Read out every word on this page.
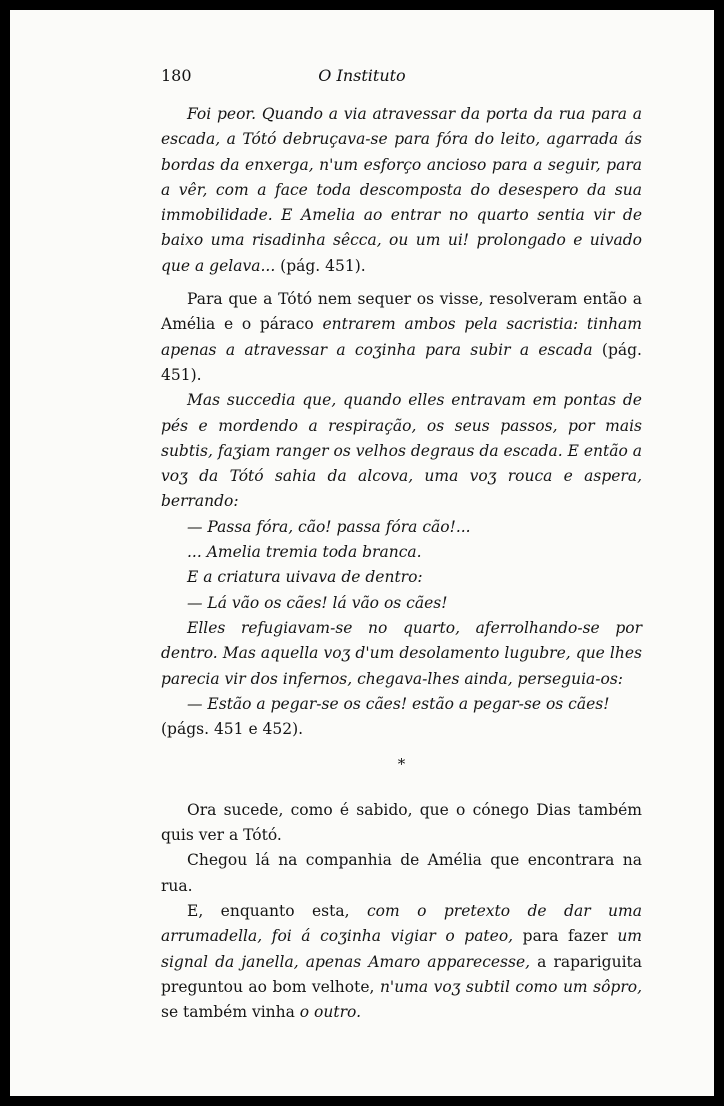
180	O Instituto

Foi peor. Quando a via atravessar da porta da rua para a escada, a Tótó debruçava-se para fóra do leito, agarrada ás bordas da enxerga, n'um esforço ancioso para a seguir, para a vêr, com a face toda descomposta do desespero da sua immobilidade. E Amelia ao entrar no quarto sentia vir de baixo uma risadinha sêcca, ou um ui! prolongado e uivado que a gelava... (pág. 451).

Para que a Tótó nem sequer os visse, resolveram então a Amélia e o páraco entrarem ambos pela sacristia: tinham apenas a atravessar a coʒinha para subir a escada (pág. 451).

Mas succedia que, quando elles entravam em pontas de pés e mordendo a respiração, os seus passos, por mais subtis, faʒiam ranger os velhos degraus da escada. E então a voʒ da Tótó sahia da alcova, uma voʒ rouca e aspera, berrando:

— Passa fóra, cão! passa fóra cão!...

... Amelia tremia toda branca.

E a criatura uivava de dentro:

— Lá vão os cães! lá vão os cães!

Elles refugiavam-se no quarto, aferrolhando-se por dentro. Mas aquella voʒ d'um desolamento lugubre, que lhes parecia vir dos infernos, chegava-lhes ainda, perseguia-os:

— Estão a pegar-se os cães! estão a pegar-se os cães!

(págs. 451 e 452).

*

Ora sucede, como é sabido, que o cónego Dias também quis ver a Tótó.

Chegou lá na companhia de Amélia que encontrara na rua.

E, enquanto esta, com o pretexto de dar uma arrumadella, foi á coʒinha vigiar o pateo, para fazer um signal da janella, apenas Amaro apparecesse, a rapariguita preguntou ao bom velhote, n'uma voʒ subtil como um sôpro, se também vinha o outro.
